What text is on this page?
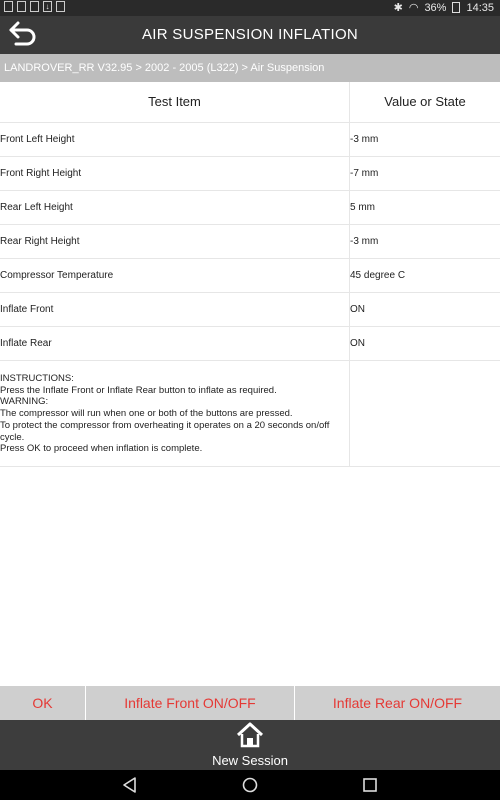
↓	✱ ◠ 36% 14:35
AIR SUSPENSION INFLATION
LANDROVER_RR V32.95 > 2002 - 2005 (L322) > Air Suspension
Test Item	Value or State
Front Left Height	-3 mm
Front Right Height	-7 mm
Rear Left Height	5 mm
Rear Right Height	-3 mm
Compressor Temperature	45 degree C
Inflate Front	ON
Inflate Rear	ON
INSTRUCTIONS:
Press the Inflate Front or Inflate Rear button to inflate as required.
WARNING:
The compressor will run when one or both of the buttons are pressed.
To protect the compressor from overheating it operates on a 20 seconds on/off cycle.
Press OK to proceed when inflation is complete.
OK	Inflate Front ON/OFF	Inflate Rear ON/OFF
New Session
